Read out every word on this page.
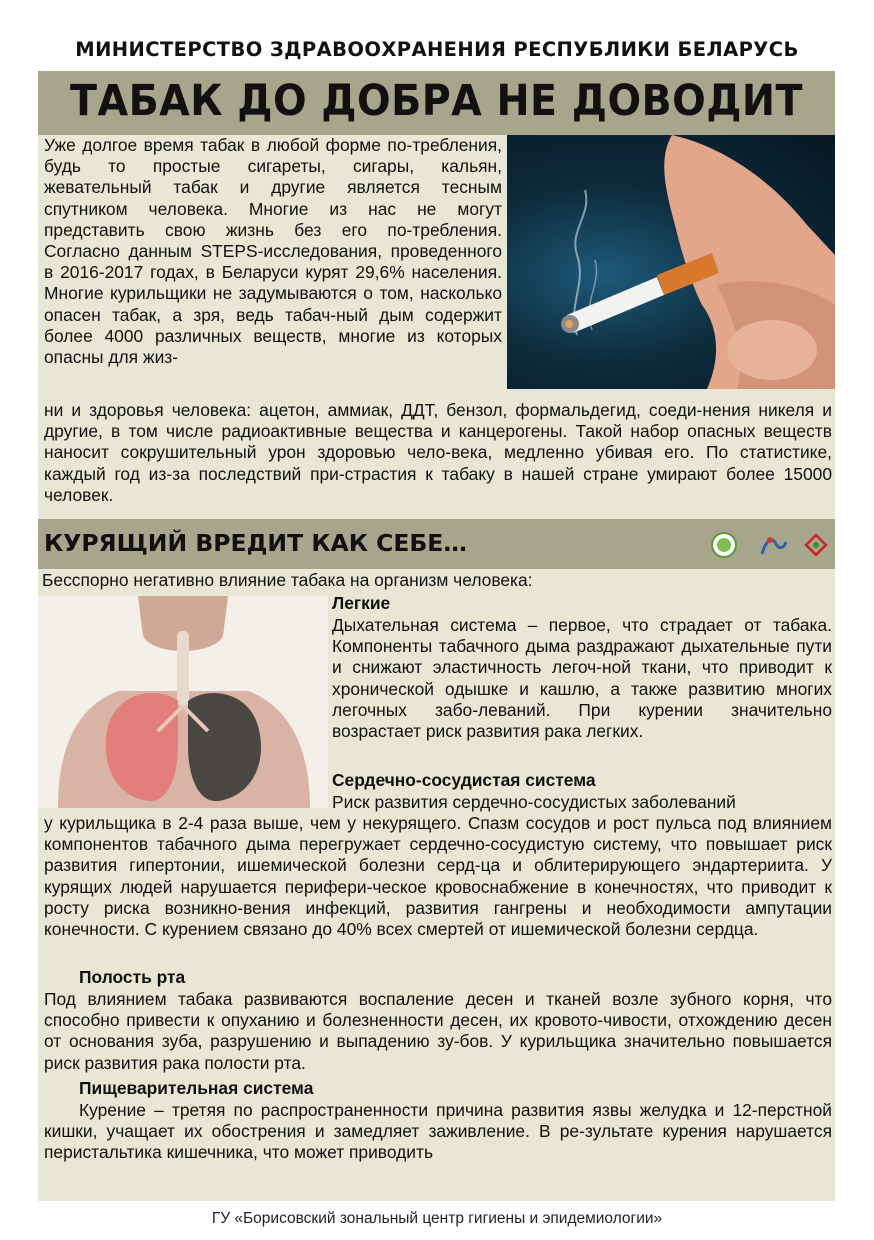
МИНИСТЕРСТВО ЗДРАВООХРАНЕНИЯ РЕСПУБЛИКИ БЕЛАРУСЬ
ТАБАК ДО ДОБРА НЕ ДОВОДИТ
Уже долгое время табак в любой форме по-требления, будь то простые сигареты, сигары, кальян, жевательный табак и другие является тесным спутником человека. Многие из нас не могут представить свою жизнь без его по-требления. Согласно данным STEPS-исследования, проведенного в 2016-2017 годах, в Беларуси курят 29,6% населения. Многие курильщики не задумываются о том, насколько опасен табак, а зря, ведь табач-ный дым содержит более 4000 различных веществ, многие из которых опасны для жиз-
ни и здоровья человека: ацетон, аммиак, ДДТ, бензол, формальдегид, соеди-нения никеля и другие, в том числе радиоактивные вещества и канцерогены. Такой набор опасных веществ наносит сокрушительный урон здоровью чело-века, медленно убивая его. По статистике, каждый год из-за последствий при-страстия к табаку в нашей стране умирают более 15000 человек.
КУРЯЩИЙ ВРЕДИТ КАК СЕБЕ…
Бесспорно негативно влияние табака на организм человека:
Легкие
Дыхательная система – первое, что страдает от табака. Компоненты табачного дыма раздражают дыхательные пути и снижают эластичность легоч-ной ткани, что приводит к хронической одышке и кашлю, а также развитию многих легочных забо-леваний. При курении значительно возрастает риск развития рака легких.
Сердечно-сосудистая система
Риск развития сердечно-сосудистых заболеваний
у курильщика в 2-4 раза выше, чем у некурящего. Спазм сосудов и рост пульса под влиянием компонентов табачного дыма перегружает сердечно-сосудистую систему, что повышает риск развития гипертонии, ишемической болезни серд-ца и облитерирующего эндартериита. У курящих людей нарушается перифери-ческое кровоснабжение в конечностях, что приводит к росту риска возникно-вения инфекций, развития гангрены и необходимости ампутации конечности. С курением связано до 40% всех смертей от ишемической болезни сердца.
Полость рта
Под влиянием табака развиваются воспаление десен и тканей возле зубного корня, что способно привести к опуханию и болезненности десен, их кровото-чивости, отхождению десен от основания зуба, разрушению и выпадению зу-бов. У курильщика значительно повышается риск развития рака полости рта.
Пищеварительная система
Курение – третяя по распространенности причина развития язвы желудка и 12-перстной кишки, учащает их обострения и замедляет заживление. В ре-зультате курения нарушается перистальтика кишечника, что может приводить
ГУ «Борисовский зональный центр гигиены и эпидемиологии»
